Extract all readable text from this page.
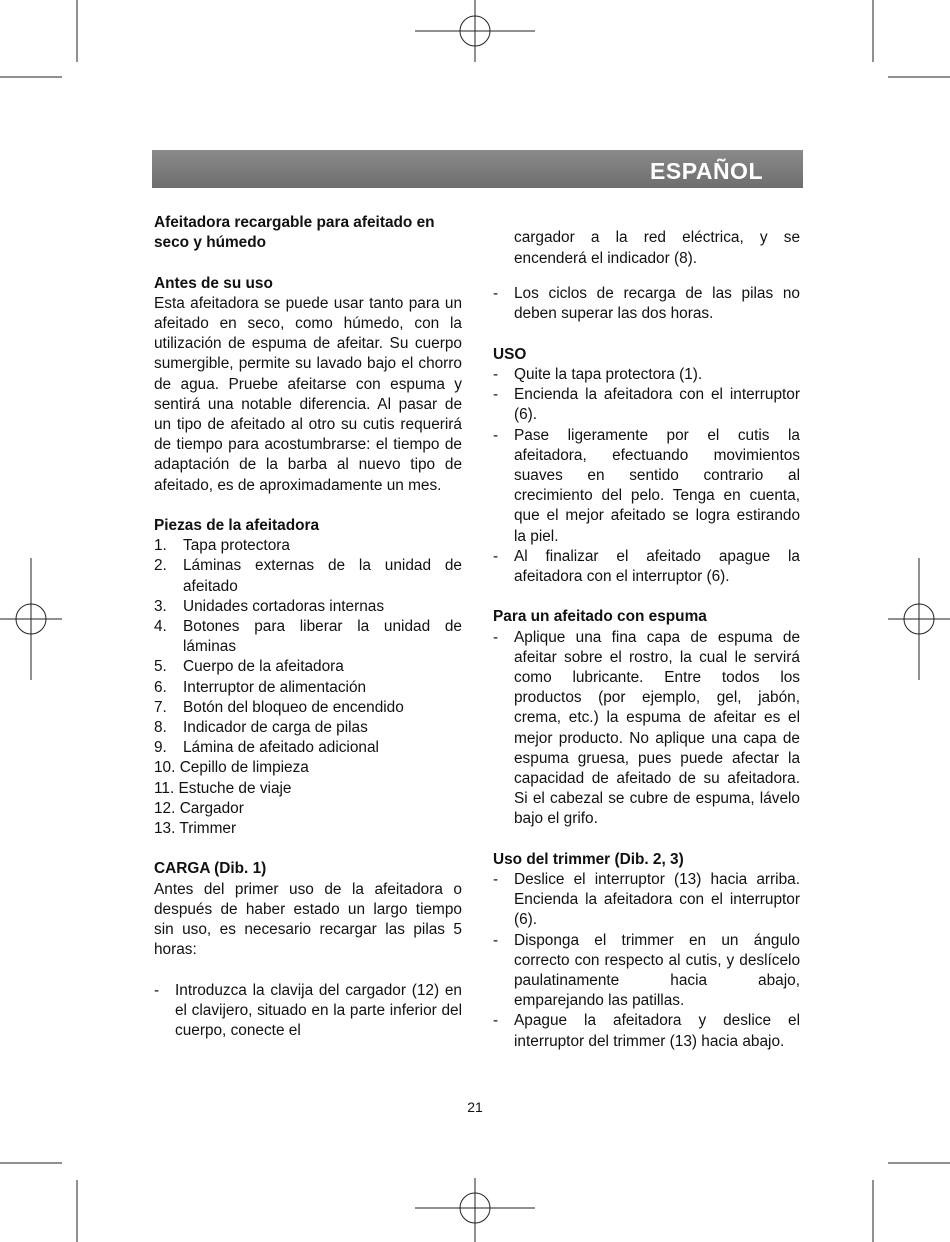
ESPAÑOL

Afeitadora recargable para afeitado en seco y húmedo

Antes de su uso

Esta afeitadora se puede usar tanto para un afeitado en seco, como húmedo, con la utilización de espuma de afeitar. Su cuerpo sumergible, permite su lavado bajo el chorro de agua. Pruebe afeitarse con espuma y sentirá una notable diferencia. Al pasar de un tipo de afeitado al otro su cutis requerirá de tiempo para acostumbrarse: el tiempo de adaptación de la barba al nuevo tipo de afeitado, es de aproximadamente un mes.

Piezas de la afeitadora

1. Tapa protectora
2. Láminas externas de la unidad de afeitado
3. Unidades cortadoras internas
4. Botones para liberar la unidad de láminas
5. Cuerpo de la afeitadora
6. Interruptor de alimentación
7. Botón del bloqueo de encendido
8. Indicador de carga de pilas
9. Lámina de afeitado adicional
10. Cepillo de limpieza
11. Estuche de viaje
12. Cargador
13. Trimmer

CARGA (Dib. 1)

Antes del primer uso de la afeitadora o después de haber estado un largo tiempo sin uso, es necesario recargar las pilas 5 horas:

- Introduzca la clavija del cargador (12) en el clavijero, situado en la parte inferior del cuerpo, conecte el

cargador a la red eléctrica, y se encenderá el indicador (8).

- Los ciclos de recarga de las pilas no deben superar las dos horas.

USO

- Quite la tapa protectora (1).
- Encienda la afeitadora con el interruptor (6).
- Pase ligeramente por el cutis la afeitadora, efectuando movimientos suaves en sentido contrario al crecimiento del pelo. Tenga en cuenta, que el mejor afeitado se logra estirando la piel.
- Al finalizar el afeitado apague la afeitadora con el interruptor (6).

Para un afeitado con espuma

- Aplique una fina capa de espuma de afeitar sobre el rostro, la cual le servirá como lubricante. Entre todos los productos (por ejemplo, gel, jabón, crema, etc.) la espuma de afeitar es el mejor producto. No aplique una capa de espuma gruesa, pues puede afectar la capacidad de afeitado de su afeitadora. Si el cabezal se cubre de espuma, lávelo bajo el grifo.

Uso del trimmer (Dib. 2, 3)

- Deslice el interruptor (13) hacia arriba. Encienda la afeitadora con el interruptor (6).
- Disponga el trimmer en un ángulo correcto con respecto al cutis, y deslícelo paulatinamente hacia abajo, emparejando las patillas.
- Apague la afeitadora y deslice el interruptor del trimmer (13) hacia abajo.
21
